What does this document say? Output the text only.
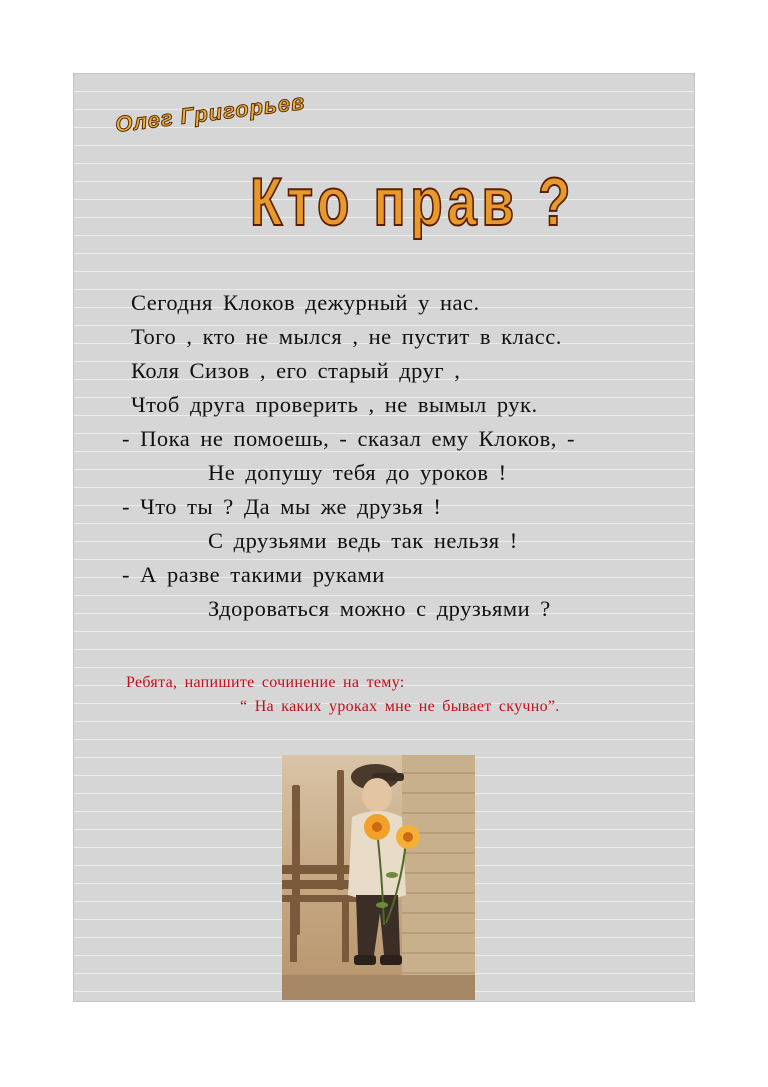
Олег Григорьев
Кто прав ?
Сегодня Клоков дежурный у нас.
Того , кто не мылся , не пустит в класс.
Коля Сизов , его старый друг ,
Чтоб друга проверить , не вымыл рук.
- Пока не помоешь, - сказал ему Клоков, -
Не допушу тебя до уроков !
- Что ты ? Да мы же друзья !
С друзьями ведь так нельзя !
- А разве такими руками
Здороваться можно с друзьями ?
Ребята, напишите сочинение на тему:
“ На каких уроках мне не бывает скучно”.
